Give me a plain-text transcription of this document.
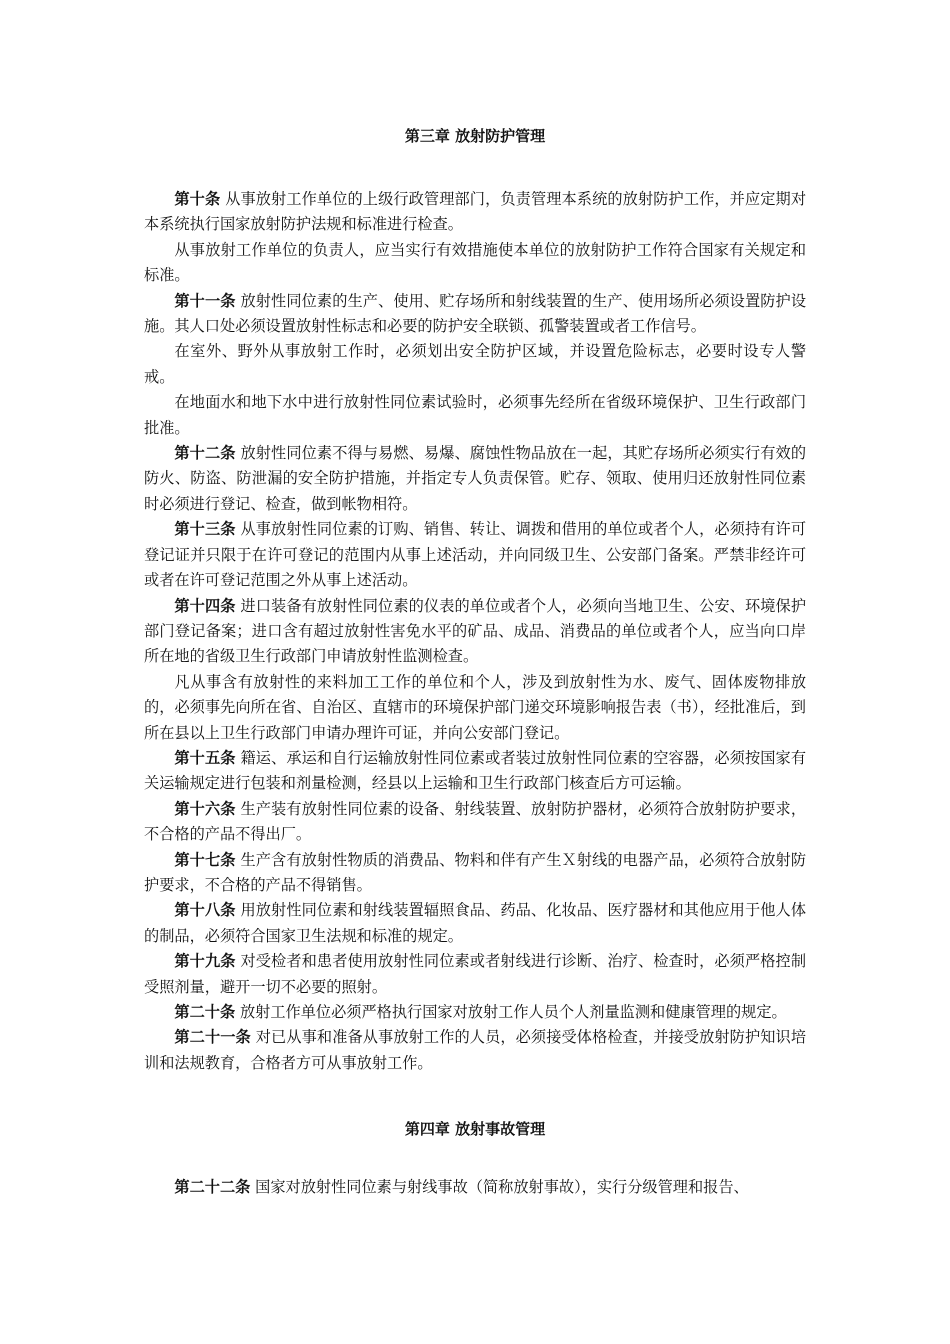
第三章 放射防护管理

第十条 从事放射工作单位的上级行政管理部门，负责管理本系统的放射防护工作，并应定期对本系统执行国家放射防护法规和标准进行检查。

从事放射工作单位的负责人，应当实行有效措施使本单位的放射防护工作符合国家有关规定和标准。

第十一条 放射性同位素的生产、使用、贮存场所和射线装置的生产、使用场所必须设置防护设施。其人口处必须设置放射性标志和必要的防护安全联锁、孤警装置或者工作信号。

在室外、野外从事放射工作时，必须划出安全防护区域，并设置危险标志，必要时设专人警戒。

在地面水和地下水中进行放射性同位素试验时，必须事先经所在省级环境保护、卫生行政部门批准。

第十二条 放射性同位素不得与易燃、易爆、腐蚀性物品放在一起，其贮存场所必须实行有效的防火、防盗、防泄漏的安全防护措施，并指定专人负责保管。贮存、领取、使用归还放射性同位素时必须进行登记、检查，做到帐物相符。

第十三条 从事放射性同位素的订购、销售、转让、调拨和借用的单位或者个人，必须持有许可登记证并只限于在许可登记的范围内从事上述活动，并向同级卫生、公安部门备案。严禁非经许可或者在许可登记范围之外从事上述活动。

第十四条 进口装备有放射性同位素的仪表的单位或者个人，必须向当地卫生、公安、环境保护部门登记备案；进口含有超过放射性害免水平的矿品、成品、消费品的单位或者个人，应当向口岸所在地的省级卫生行政部门申请放射性监测检查。

凡从事含有放射性的来料加工工作的单位和个人，涉及到放射性为水、废气、固体废物排放的，必须事先向所在省、自治区、直辖市的环境保护部门递交环境影响报告表（书），经批准后，到所在县以上卫生行政部门申请办理许可证，并向公安部门登记。

第十五条 籍运、承运和自行运输放射性同位素或者装过放射性同位素的空容器，必须按国家有关运输规定进行包装和剂量检测，经县以上运输和卫生行政部门核查后方可运输。

第十六条 生产装有放射性同位素的设备、射线装置、放射防护器材，必须符合放射防护要求，不合格的产品不得出厂。

第十七条 生产含有放射性物质的消费品、物料和伴有产生Ｘ射线的电器产品，必须符合放射防护要求，不合格的产品不得销售。

第十八条 用放射性同位素和射线装置辐照食品、药品、化妆品、医疗器材和其他应用于他人体的制品，必须符合国家卫生法规和标准的规定。

第十九条 对受检者和患者使用放射性同位素或者射线进行诊断、治疗、检查时，必须严格控制受照剂量，避开一切不必要的照射。

第二十条 放射工作单位必须严格执行国家对放射工作人员个人剂量监测和健康管理的规定。

第二十一条 对已从事和准备从事放射工作的人员，必须接受体格检查，并接受放射防护知识培训和法规教育，合格者方可从事放射工作。

第四章 放射事故管理

第二十二条 国家对放射性同位素与射线事故（简称放射事故），实行分级管理和报告、
